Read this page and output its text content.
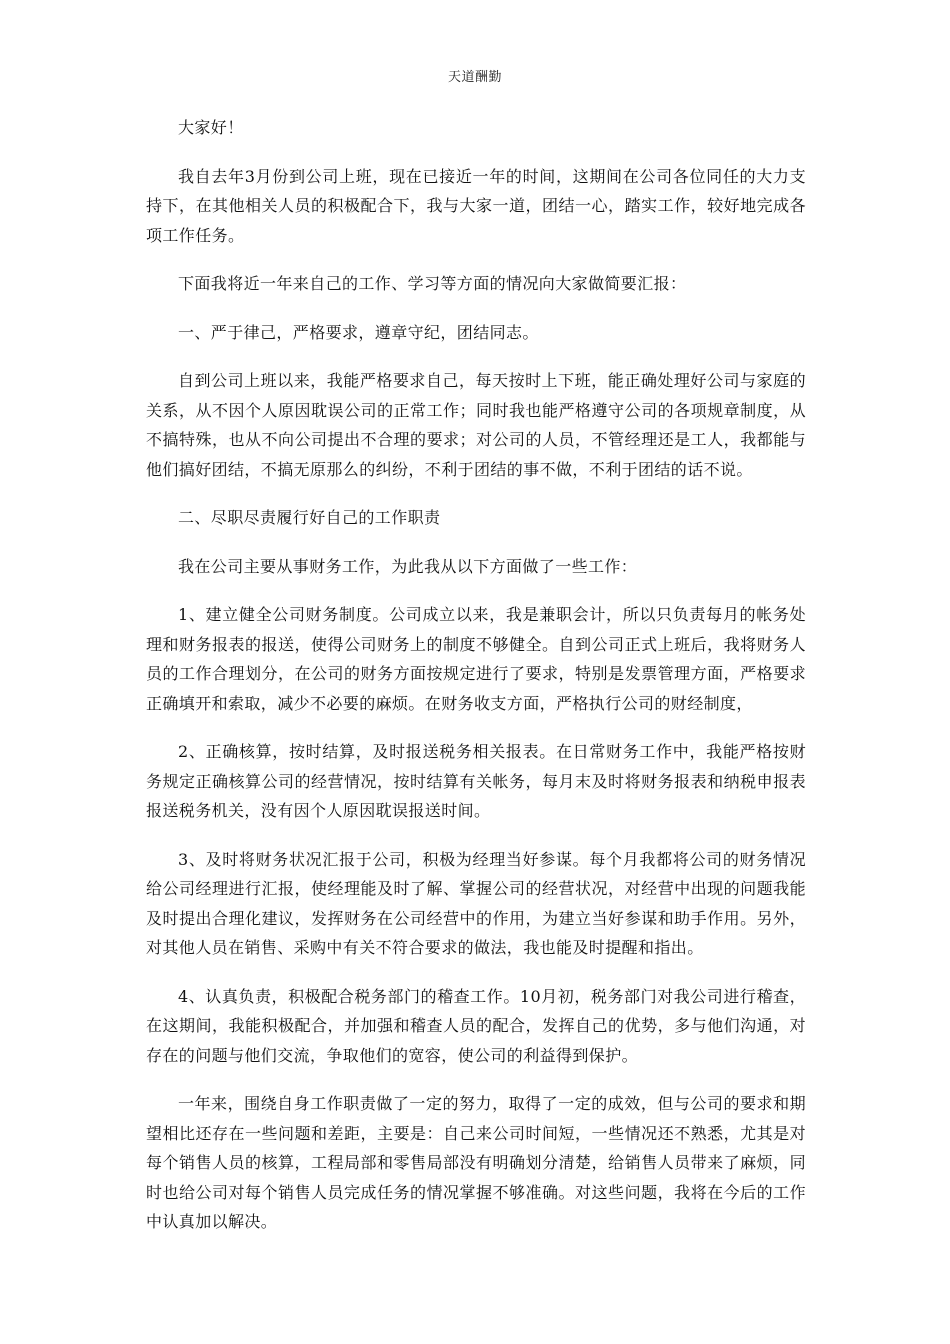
天道酬勤

大家好！

我自去年3月份到公司上班，现在已接近一年的时间，这期间在公司各位同任的大力支持下，在其他相关人员的积极配合下，我与大家一道，团结一心，踏实工作，较好地完成各项工作任务。

下面我将近一年来自己的工作、学习等方面的情况向大家做简要汇报：

一、严于律己，严格要求，遵章守纪，团结同志。

自到公司上班以来，我能严格要求自己，每天按时上下班，能正确处理好公司与家庭的关系，从不因个人原因耽误公司的正常工作；同时我也能严格遵守公司的各项规章制度，从不搞特殊，也从不向公司提出不合理的要求；对公司的人员，不管经理还是工人，我都能与他们搞好团结，不搞无原那么的纠纷，不利于团结的事不做，不利于团结的话不说。

二、尽职尽责履行好自己的工作职责

我在公司主要从事财务工作，为此我从以下方面做了一些工作：

1、建立健全公司财务制度。公司成立以来，我是兼职会计，所以只负责每月的帐务处理和财务报表的报送，使得公司财务上的制度不够健全。自到公司正式上班后，我将财务人员的工作合理划分，在公司的财务方面按规定进行了要求，特别是发票管理方面，严格要求正确填开和索取，减少不必要的麻烦。在财务收支方面，严格执行公司的财经制度，

2、正确核算，按时结算，及时报送税务相关报表。在日常财务工作中，我能严格按财务规定正确核算公司的经营情况，按时结算有关帐务，每月末及时将财务报表和纳税申报表报送税务机关，没有因个人原因耽误报送时间。

3、及时将财务状况汇报于公司，积极为经理当好参谋。每个月我都将公司的财务情况给公司经理进行汇报，使经理能及时了解、掌握公司的经营状况，对经营中出现的问题我能及时提出合理化建议，发挥财务在公司经营中的作用，为建立当好参谋和助手作用。另外，对其他人员在销售、采购中有关不符合要求的做法，我也能及时提醒和指出。

4、认真负责，积极配合税务部门的稽查工作。10月初，税务部门对我公司进行稽查，在这期间，我能积极配合，并加强和稽查人员的配合，发挥自己的优势，多与他们沟通，对存在的问题与他们交流，争取他们的宽容，使公司的利益得到保护。

一年来，围绕自身工作职责做了一定的努力，取得了一定的成效，但与公司的要求和期望相比还存在一些问题和差距，主要是：自己来公司时间短，一些情况还不熟悉，尤其是对每个销售人员的核算，工程局部和零售局部没有明确划分清楚，给销售人员带来了麻烦，同时也给公司对每个销售人员完成任务的情况掌握不够准确。对这些问题，我将在今后的工作中认真加以解决。
